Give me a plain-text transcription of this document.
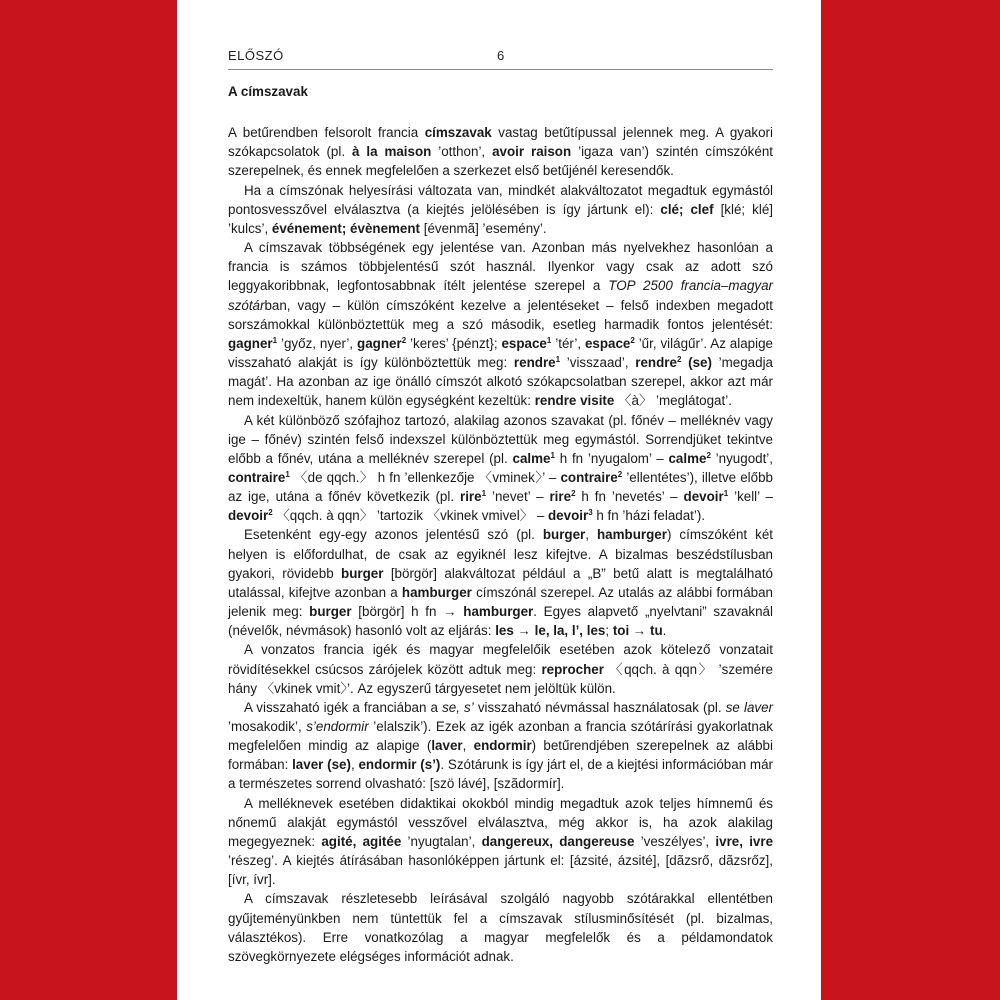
ELŐSZÓ	6
A címszavak

A betűrendben felsorolt francia címszavak vastag betűtípussal jelennek meg. A gyakori szókapcsolatok (pl. à la maison ’otthon’, avoir raison ’igaza van’) szintén címszóként szerepelnek, és ennek megfelelően a szerkezet első betűjénél keresendők.

Ha a címszónak helyesírási változata van, mindkét alakváltozatot megadtuk egymástól pontosvesszővel elválasztva (a kiejtés jelölésében is így jártunk el): clé; clef [klé; klé] ’kulcs’, événement; évènement [évenmã] ’esemény’.

A címszavak többségének egy jelentése van. Azonban más nyelvekhez hasonlóan a francia is számos többjelentésű szót használ. Ilyenkor vagy csak az adott szó leggyakoribbnak, legfontosabbnak ítélt jelentése szerepel a TOP 2500 francia–magyar szótárban, vagy – külön címszóként kezelve a jelentéseket – felső indexben megadott sorszámokkal különböztettük meg a szó második, esetleg harmadik fontos jelentését: gagner$^1$ ’győz, nyer’, gagner$^2$ ’keres’ {pénzt}; espace$^1$ ’tér’, espace$^2$ ’űr, világűr’. Az alapige visszaható alakját is így különböztettük meg: rendre$^1$ ’visszaad’, rendre$^2$ (se) ’megadja magát’. Ha azonban az ige önálló címszót alkotó szókapcsolatban szerepel, akkor azt már nem indexeltük, hanem külön egységként kezeltük: rendre visite 〈à〉 ’meglátogat’.

A két különböző szófajhoz tartozó, alakilag azonos szavakat (pl. főnév – melléknév vagy ige – főnév) szintén felső indexszel különböztettük meg egymástól. Sorrendjüket tekintve előbb a főnév, utána a melléknév szerepel (pl. calme$^1$ h fn ’nyugalom’ – calme$^2$ ’nyugodt’, contraire$^1$ 〈de qqch.〉 h fn ’ellenkezője 〈vminek〉’ – contraire$^2$ ’ellentétes’), illetve előbb az ige, utána a főnév következik (pl. rire$^1$ ’nevet’ – rire$^2$ h fn ’nevetés’ – devoir$^1$ ’kell’ – devoir$^2$ 〈qqch. à qqn〉 ’tartozik 〈vkinek vmivel〉 – devoir$^3$ h fn ’házi feladat’).

Esetenként egy-egy azonos jelentésű szó (pl. burger, hamburger) címszóként két helyen is előfordulhat, de csak az egyiknél lesz kifejtve. A bizalmas beszédstílusban gyakori, rövidebb burger [börgör] alakváltozat például a „B” betű alatt is megtalálható utalással, kifejtve azonban a hamburger címszónál szerepel. Az utalás az alábbi formában jelenik meg: burger [börgör] h fn → hamburger. Egyes alapvető „nyelvtani” szavaknál (névelők, névmások) hasonló volt az eljárás: les → le, la, l’, les; toi → tu.

A vonzatos francia igék és magyar megfelelőik esetében azok kötelező vonzatait rövidítésekkel csúcsos zárójelek között adtuk meg: reprocher 〈qqch. à qqn〉 ’szemére hány 〈vkinek vmit〉’. Az egyszerű tárgyesetet nem jelöltük külön.

A visszaható igék a franciában a se, s’ visszaható névmással használatosak (pl. se laver ’mosakodik’, s’endormir ’elalszik’). Ezek az igék azonban a francia szótárírási gyakorlatnak megfelelően mindig az alapige (laver, endormir) betűrendjében szerepelnek az alábbi formában: laver (se), endormir (s’). Szótárunk is így járt el, de a kiejtési információban már a természetes sorrend olvasható: [szö lávé], [szãdormír].

A melléknevek esetében didaktikai okokból mindig megadtuk azok teljes hímnemű és nőnemű alakját egymástól vesszővel elválasztva, még akkor is, ha azok alakilag megegyeznek: agité, agitée ’nyugtalan’, dangereux, dangereuse ’veszélyes’, ivre, ivre ’részeg’. A kiejtés átírásában hasonlóképpen jártunk el: [ázsité, ázsité], [dãzsrő, dãzsrőz], [ívr, ívr].

A címszavak részletesebb leírásával szolgáló nagyobb szótárakkal ellentétben gyűjteményünkben nem tüntettük fel a címszavak stílusminősítését (pl. bizalmas, választékos). Erre vonatkozólag a magyar megfelelők és a példamondatok szövegkörnyezete elégséges információt adnak.
